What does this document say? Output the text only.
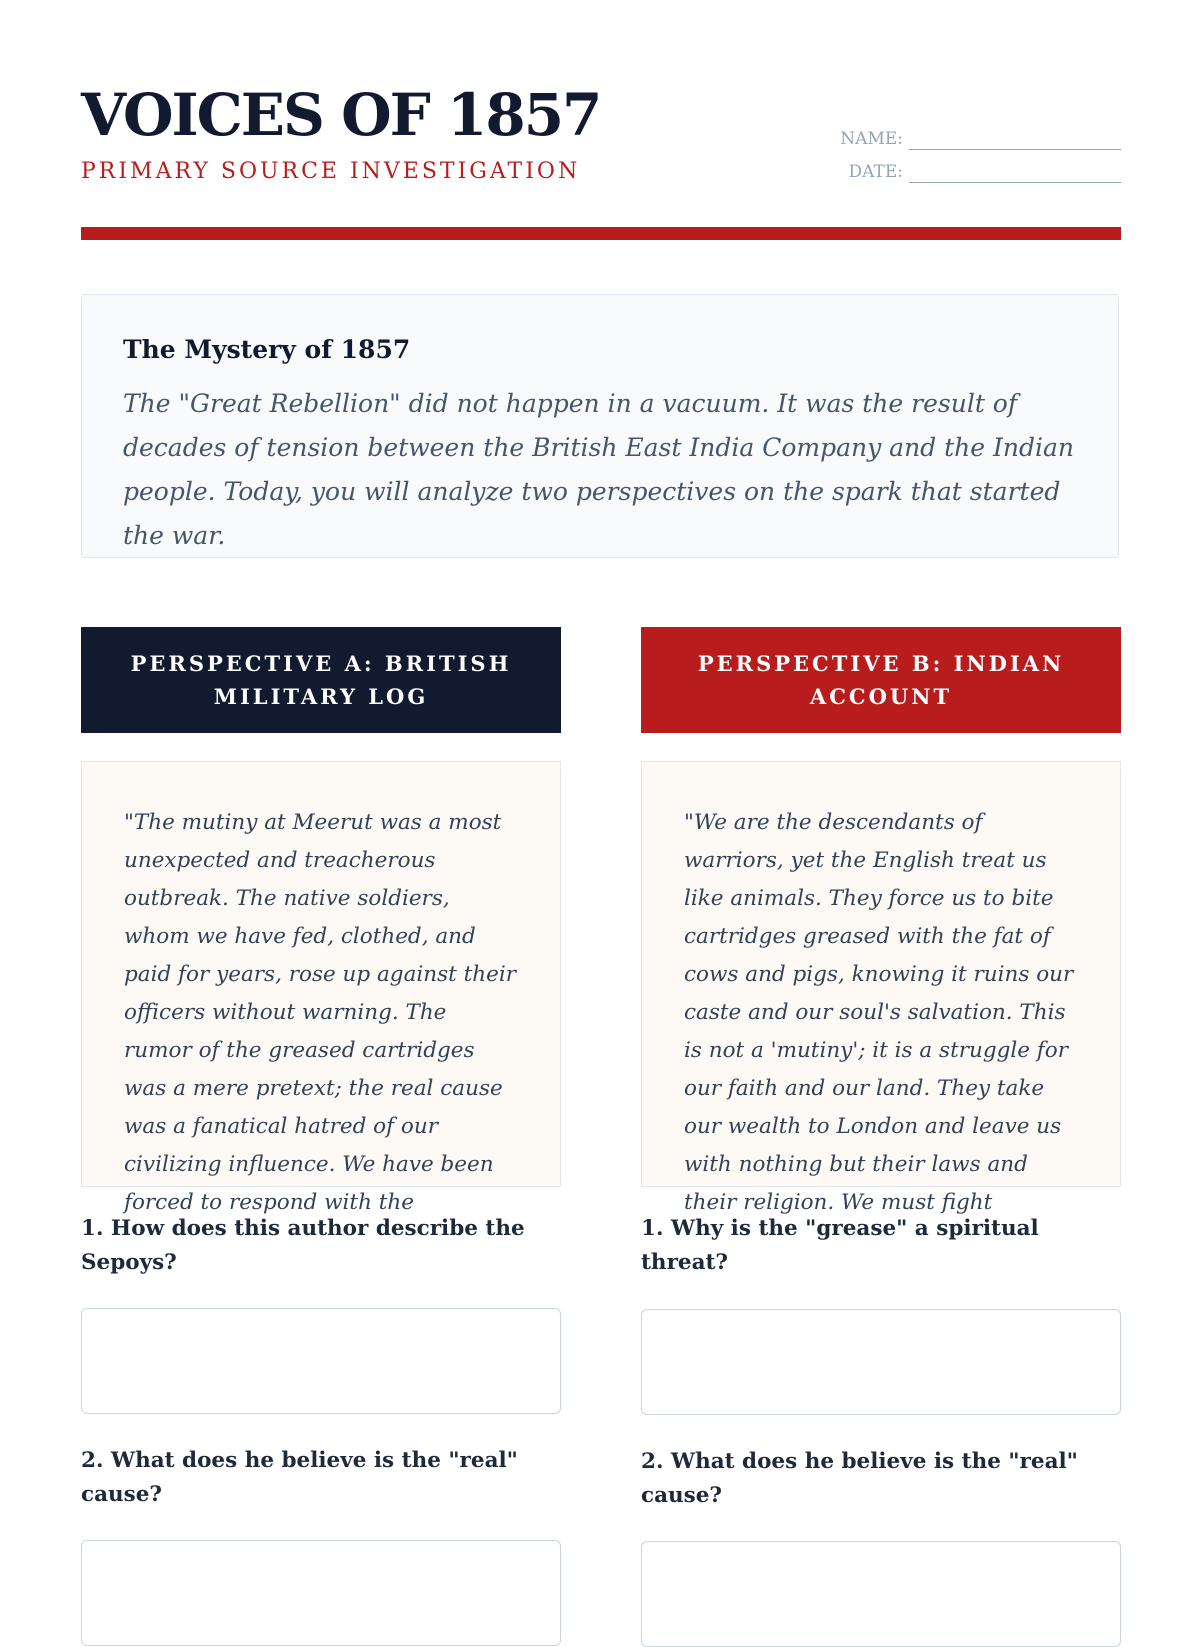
VOICES OF 1857
PRIMARY SOURCE INVESTIGATION
NAME:
DATE:
The Mystery of 1857

The "Great Rebellion" did not happen in a vacuum. It was the result of decades of tension between the British East India Company and the Indian people. Today, you will analyze two perspectives on the spark that started the war.

PERSPECTIVE A: BRITISH MILITARY LOG

"The mutiny at Meerut was a most unexpected and treacherous outbreak. The native soldiers, whom we have fed, clothed, and paid for years, rose up against their officers without warning. The rumor of the greased cartridges was a mere pretext; the real cause was a fanatical hatred of our civilizing influence. We have been forced to respond with the

1. How does this author describe the Sepoys?
2. What does he believe is the "real" cause?
PERSPECTIVE B: INDIAN ACCOUNT

"We are the descendants of warriors, yet the English treat us like animals. They force us to bite cartridges greased with the fat of cows and pigs, knowing it ruins our caste and our soul's salvation. This is not a 'mutiny'; it is a struggle for our faith and our land. They take our wealth to London and leave us with nothing but their laws and their religion. We must fight

1. Why is the "grease" a spiritual threat?
2. What does he believe is the "real" cause?
